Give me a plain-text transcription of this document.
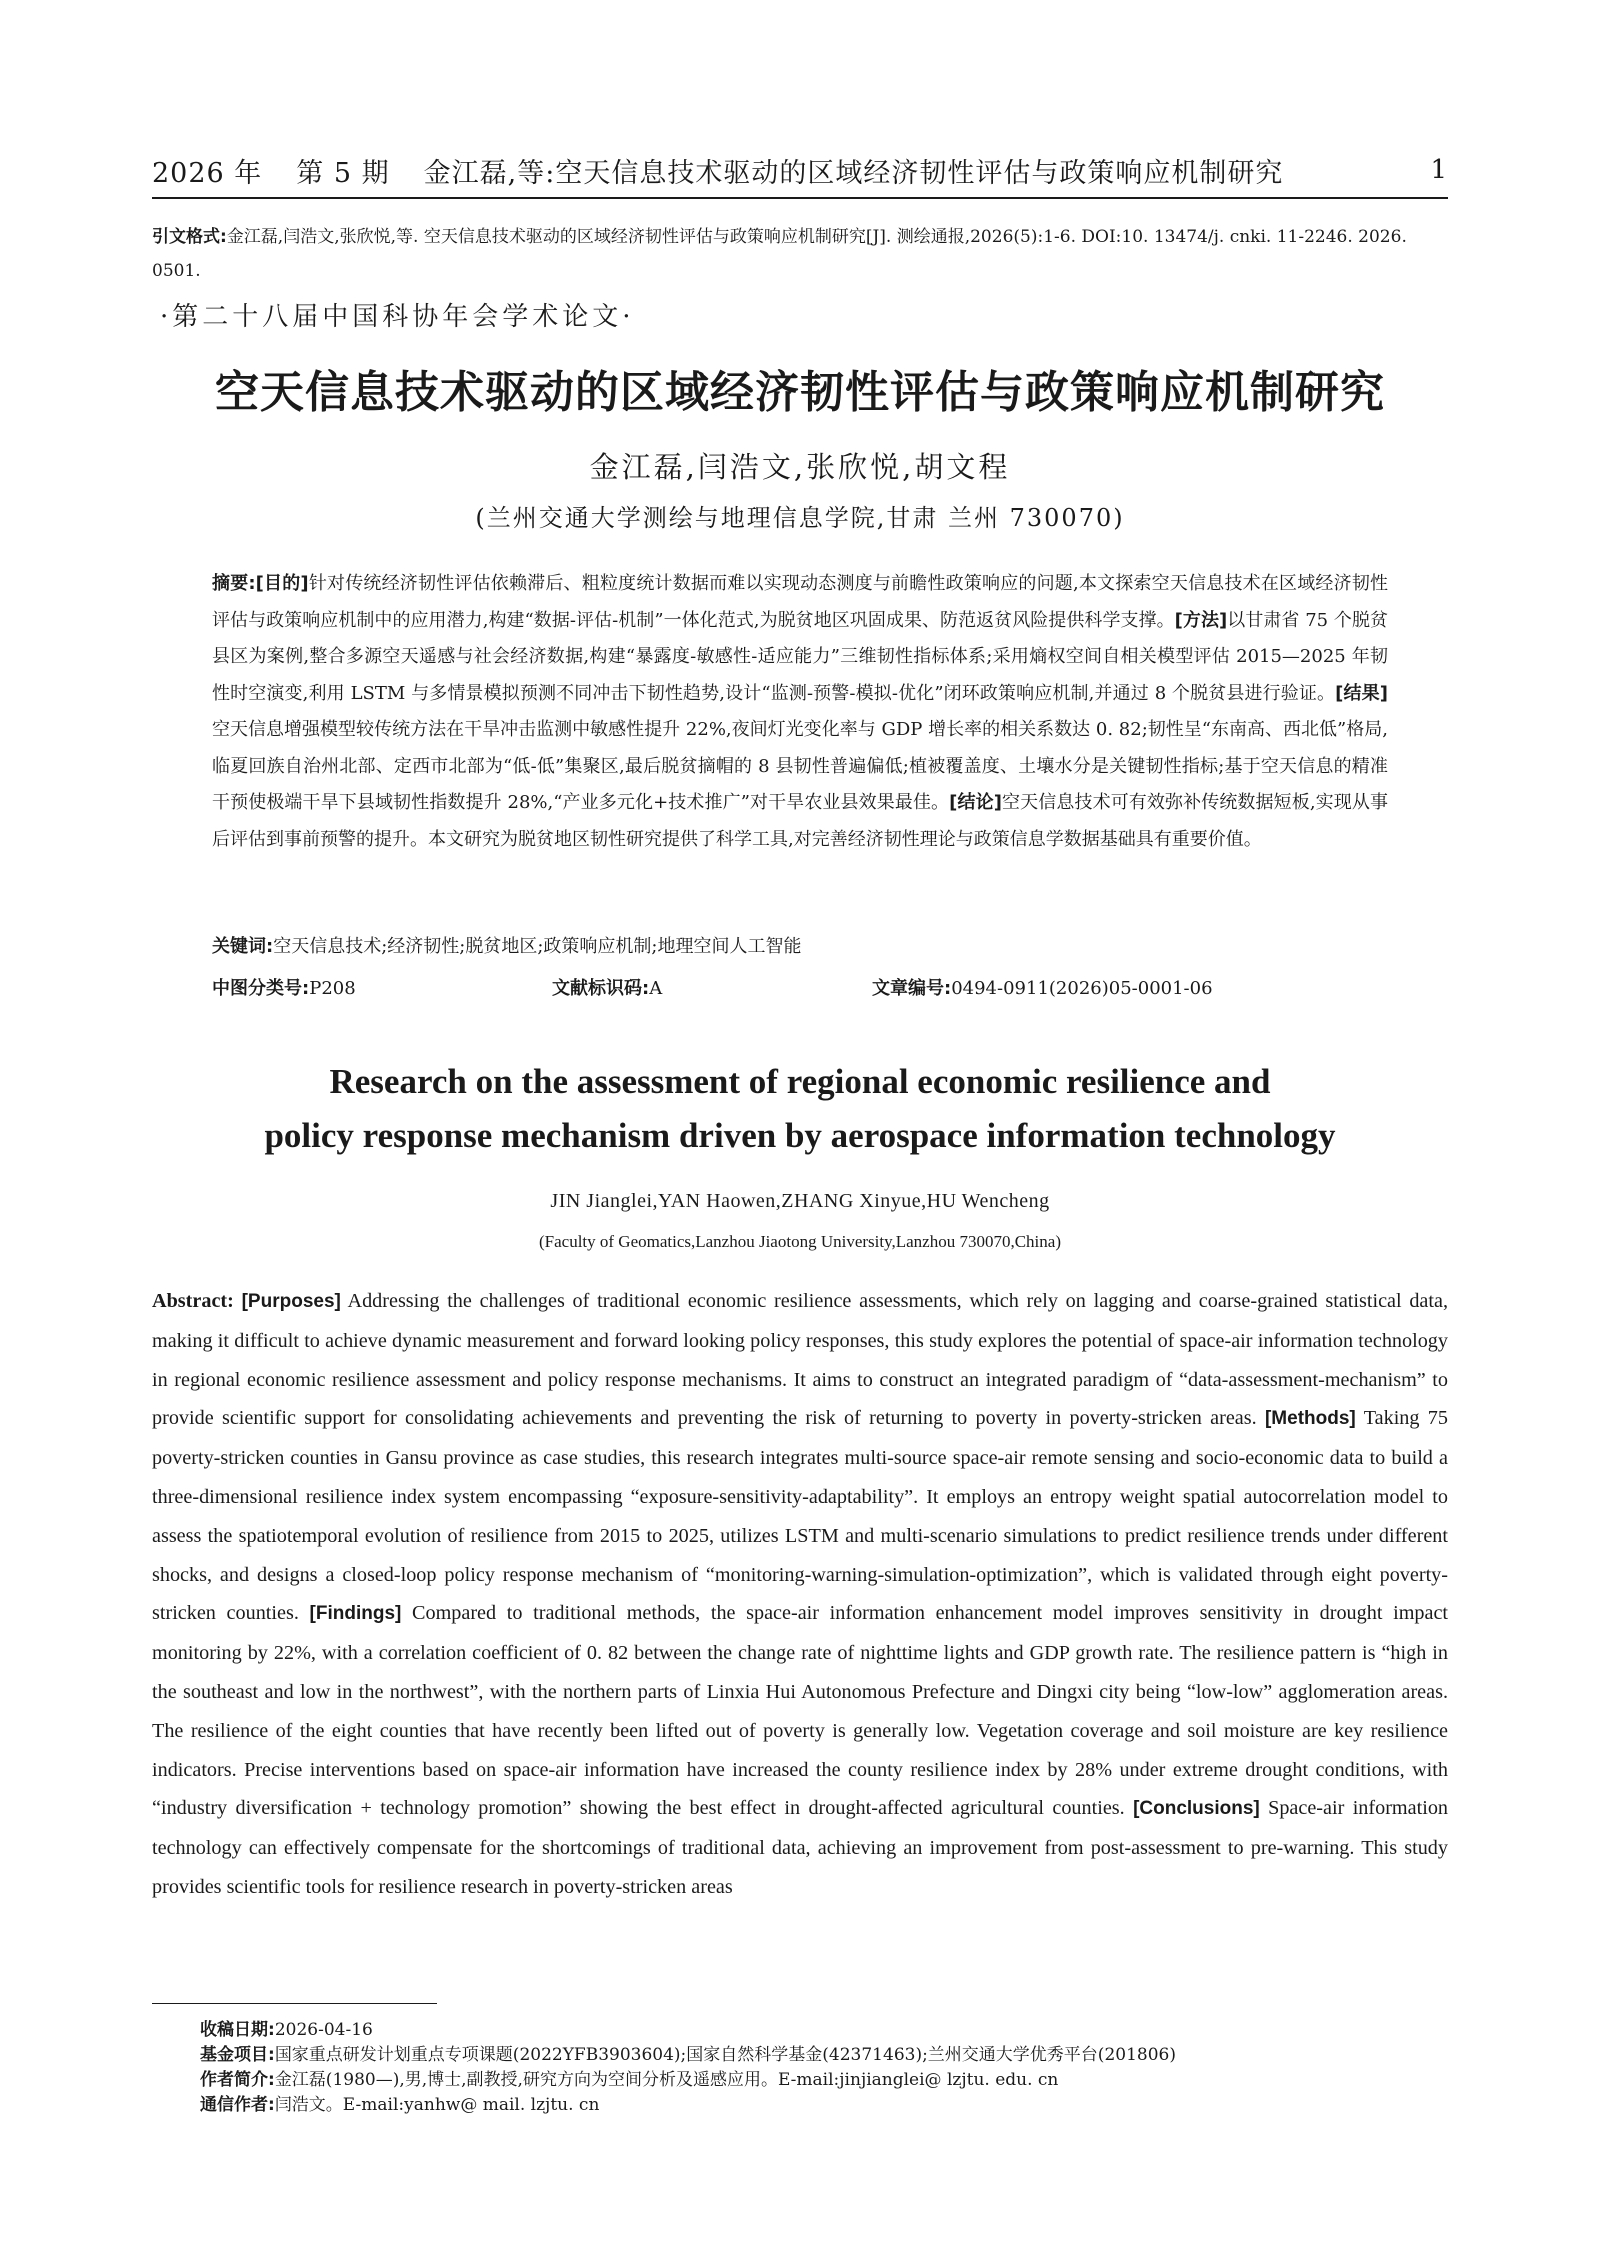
2026 年 第 5 期 金江磊,等:空天信息技术驱动的区域经济韧性评估与政策响应机制研究	1
引文格式:金江磊,闫浩文,张欣悦,等. 空天信息技术驱动的区域经济韧性评估与政策响应机制研究[J]. 测绘通报,2026(5):1-6. DOI:10. 13474/j. cnki. 11-2246. 2026. 0501.
·第二十八届中国科协年会学术论文·
空天信息技术驱动的区域经济韧性评估与政策响应机制研究
金江磊,闫浩文,张欣悦,胡文程
(兰州交通大学测绘与地理信息学院,甘肃 兰州 730070)
摘要:[目的]针对传统经济韧性评估依赖滞后、粗粒度统计数据而难以实现动态测度与前瞻性政策响应的问题,本文探索空天信息技术在区域经济韧性评估与政策响应机制中的应用潜力,构建“数据-评估-机制”一体化范式,为脱贫地区巩固成果、防范返贫风险提供科学支撑。[方法]以甘肃省 75 个脱贫县区为案例,整合多源空天遥感与社会经济数据,构建“暴露度-敏感性-适应能力”三维韧性指标体系;采用熵权空间自相关模型评估 2015—2025 年韧性时空演变,利用 LSTM 与多情景模拟预测不同冲击下韧性趋势,设计“监测-预警-模拟-优化”闭环政策响应机制,并通过 8 个脱贫县进行验证。[结果]空天信息增强模型较传统方法在干旱冲击监测中敏感性提升 22%,夜间灯光变化率与 GDP 增长率的相关系数达 0. 82;韧性呈“东南高、西北低”格局,临夏回族自治州北部、定西市北部为“低-低”集聚区,最后脱贫摘帽的 8 县韧性普遍偏低;植被覆盖度、土壤水分是关键韧性指标;基于空天信息的精准干预使极端干旱下县域韧性指数提升 28%,“产业多元化+技术推广”对干旱农业县效果最佳。[结论]空天信息技术可有效弥补传统数据短板,实现从事后评估到事前预警的提升。本文研究为脱贫地区韧性研究提供了科学工具,对完善经济韧性理论与政策信息学数据基础具有重要价值。
关键词:空天信息技术;经济韧性;脱贫地区;政策响应机制;地理空间人工智能
中图分类号:P208	文献标识码:A	文章编号:0494-0911(2026)05-0001-06
Research on the assessment of regional economic resilience and
policy response mechanism driven by aerospace information technology
JIN Jianglei,YAN Haowen,ZHANG Xinyue,HU Wencheng
(Faculty of Geomatics,Lanzhou Jiaotong University,Lanzhou 730070,China)
Abstract: [Purposes] Addressing the challenges of traditional economic resilience assessments, which rely on lagging and coarse-grained statistical data, making it difficult to achieve dynamic measurement and forward looking policy responses, this study explores the potential of space-air information technology in regional economic resilience assessment and policy response mechanisms. It aims to construct an integrated paradigm of “data-assessment-mechanism” to provide scientific support for consolidating achievements and preventing the risk of returning to poverty in poverty-stricken areas. [Methods] Taking 75 poverty-stricken counties in Gansu province as case studies, this research integrates multi-source space-air remote sensing and socio-economic data to build a three-dimensional resilience index system encompassing “exposure-sensitivity-adaptability”. It employs an entropy weight spatial autocorrelation model to assess the spatiotemporal evolution of resilience from 2015 to 2025, utilizes LSTM and multi-scenario simulations to predict resilience trends under different shocks, and designs a closed-loop policy response mechanism of “monitoring-warning-simulation-optimization”, which is validated through eight poverty-stricken counties. [Findings] Compared to traditional methods, the space-air information enhancement model improves sensitivity in drought impact monitoring by 22%, with a correlation coefficient of 0. 82 between the change rate of nighttime lights and GDP growth rate. The resilience pattern is “high in the southeast and low in the northwest”, with the northern parts of Linxia Hui Autonomous Prefecture and Dingxi city being “low-low” agglomeration areas. The resilience of the eight counties that have recently been lifted out of poverty is generally low. Vegetation coverage and soil moisture are key resilience indicators. Precise interventions based on space-air information have increased the county resilience index by 28% under extreme drought conditions, with “industry diversification + technology promotion” showing the best effect in drought-affected agricultural counties. [Conclusions] Space-air information technology can effectively compensate for the shortcomings of traditional data, achieving an improvement from post-assessment to pre-warning. This study provides scientific tools for resilience research in poverty-stricken areas
收稿日期:2026-04-16
基金项目:国家重点研发计划重点专项课题(2022YFB3903604);国家自然科学基金(42371463);兰州交通大学优秀平台(201806)
作者简介:金江磊(1980—),男,博士,副教授,研究方向为空间分析及遥感应用。E-mail:jinjianglei@ lzjtu. edu. cn
通信作者:闫浩文。E-mail:yanhw@ mail. lzjtu. cn
